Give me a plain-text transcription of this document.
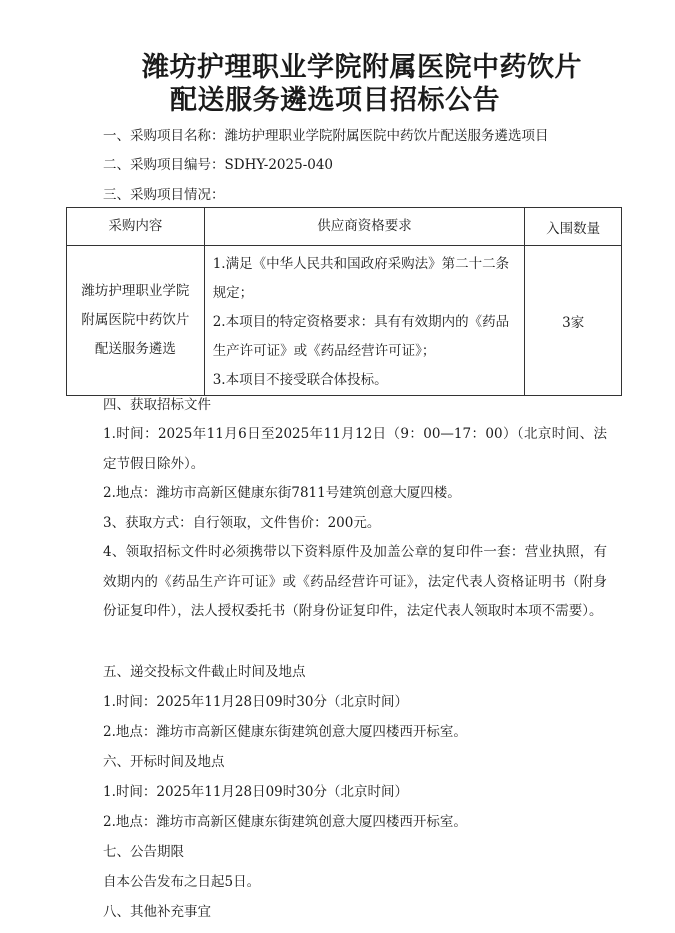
潍坊护理职业学院附属医院中药饮片
配送服务遴选项目招标公告
一、采购项目名称：潍坊护理职业学院附属医院中药饮片配送服务遴选项目
二、采购项目编号：SDHY-2025-040
三、采购项目情况：
采购内容	供应商资格要求	入围数量

潍坊护理职业学院附属医院中药饮片配送服务遴选	1.满足《中华人民共和国政府采购法》第二十二条规定；
2.本项目的特定资格要求：具有有效期内的《药品生产许可证》或《药品经营许可证》；
3.本项目不接受联合体投标。	3家
四、获取招标文件
1.时间：2025年11月6日至2025年11月12日（9：00—17：00）（北京时间、法定节假日除外）。
2.地点：潍坊市高新区健康东街7811号建筑创意大厦四楼。
3、获取方式：自行领取，文件售价：200元。
4、领取招标文件时必须携带以下资料原件及加盖公章的复印件一套：营业执照，有效期内的《药品生产许可证》或《药品经营许可证》，法定代表人资格证明书（附身份证复印件），法人授权委托书（附身份证复印件，法定代表人领取时本项不需要）。
五、递交投标文件截止时间及地点
1.时间：2025年11月28日09时30分（北京时间）
2.地点：潍坊市高新区健康东街建筑创意大厦四楼西开标室。
六、开标时间及地点
1.时间：2025年11月28日09时30分（北京时间）
2.地点：潍坊市高新区健康东街建筑创意大厦四楼西开标室。
七、公告期限
自本公告发布之日起5日。
八、其他补充事宜
